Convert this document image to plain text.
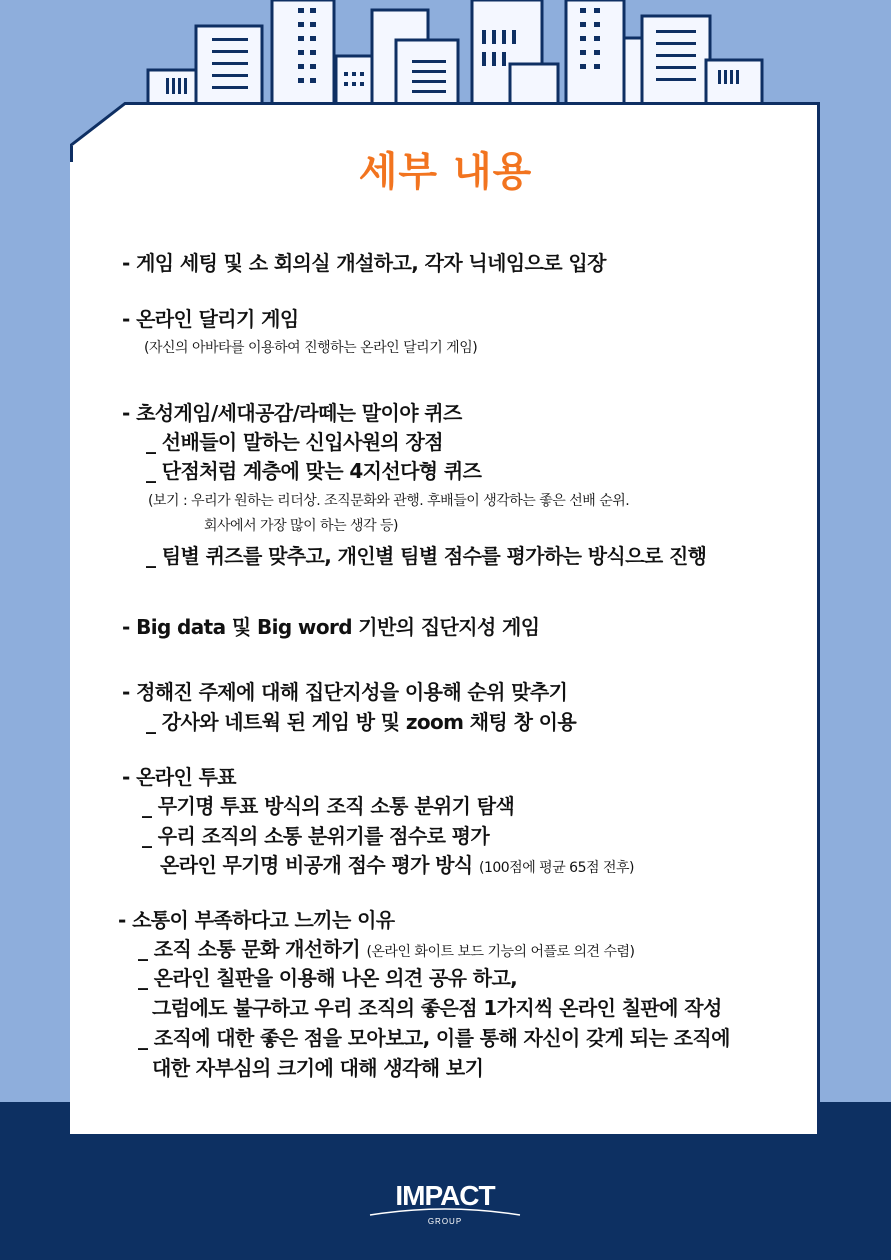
세부 내용
- 게임 세팅 및 소 회의실 개설하고, 각자 닉네임으로 입장
- 온라인 달리기 게임
(자신의 아바타를 이용하여 진행하는 온라인 달리기 게임)
- 초성게임/세대공감/라떼는 말이야 퀴즈
_ 선배들이 말하는 신입사원의 장점
_ 단점처럼 계층에 맞는 4지선다형 퀴즈
(보기 : 우리가 원하는 리더상. 조직문화와 관행. 후배들이 생각하는 좋은 선배 순위.
회사에서 가장 많이 하는 생각 등)
_ 팀별 퀴즈를 맞추고, 개인별 팀별 점수를 평가하는 방식으로 진행
- Big data 및 Big word 기반의 집단지성 게임
- 정해진 주제에 대해 집단지성을 이용해 순위 맞추기
_ 강사와 네트웍 된 게임 방 및 zoom 채팅 창 이용
- 온라인 투표
_ 무기명 투표 방식의 조직 소통 분위기 탐색
_ 우리 조직의 소통 분위기를 점수로 평가
온라인 무기명 비공개 점수 평가 방식 (100점에 평균 65점 전후)
- 소통이 부족하다고 느끼는 이유
_ 조직 소통 문화 개선하기 (온라인 화이트 보드 기능의 어플로 의견 수렴)
_ 온라인 칠판을 이용해 나온 의견 공유 하고,
그럼에도 불구하고 우리 조직의 좋은점 1가지씩 온라인 칠판에 작성
_ 조직에 대한 좋은 점을 모아보고, 이를 통해 자신이 갖게 되는 조직에
대한 자부심의 크기에 대해 생각해 보기
IMPACT
GROUP
